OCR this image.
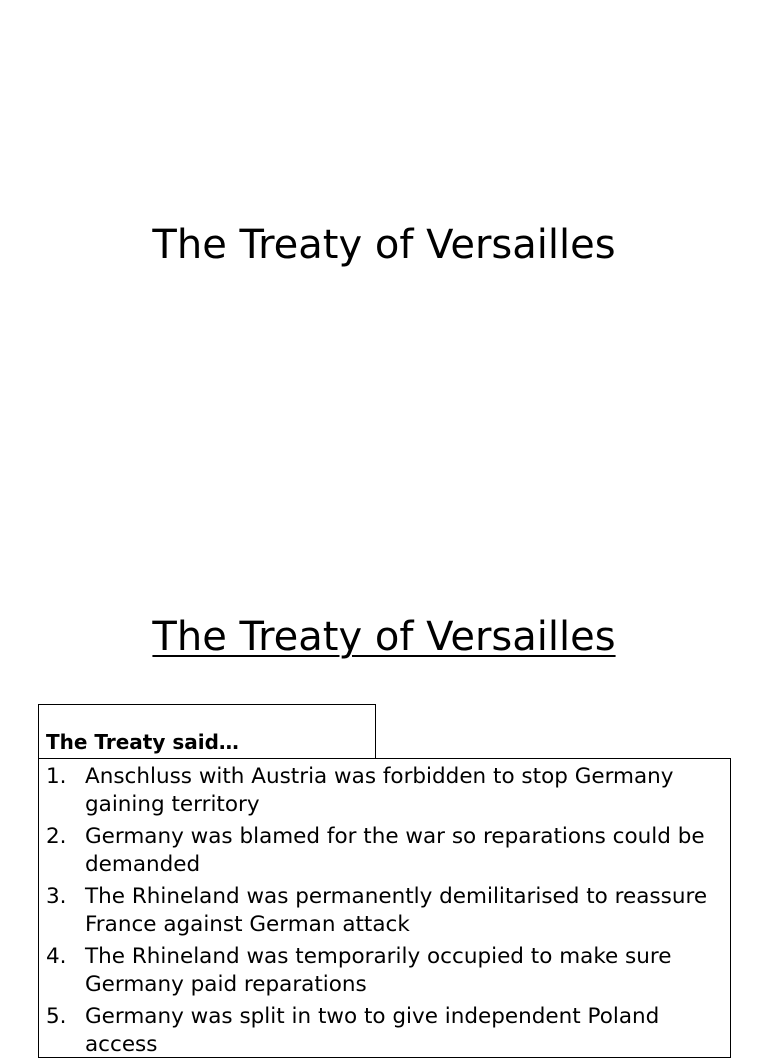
The Treaty of Versailles
The Treaty of Versailles
The Treaty said…
1. Anschluss with Austria was forbidden to stop Germany gaining territory
2. Germany was blamed for the war so reparations could be demanded
3. The Rhineland was permanently demilitarised to reassure France against German attack
4. The Rhineland was temporarily occupied to make sure Germany paid reparations
5. Germany was split in two to give independent Poland access
